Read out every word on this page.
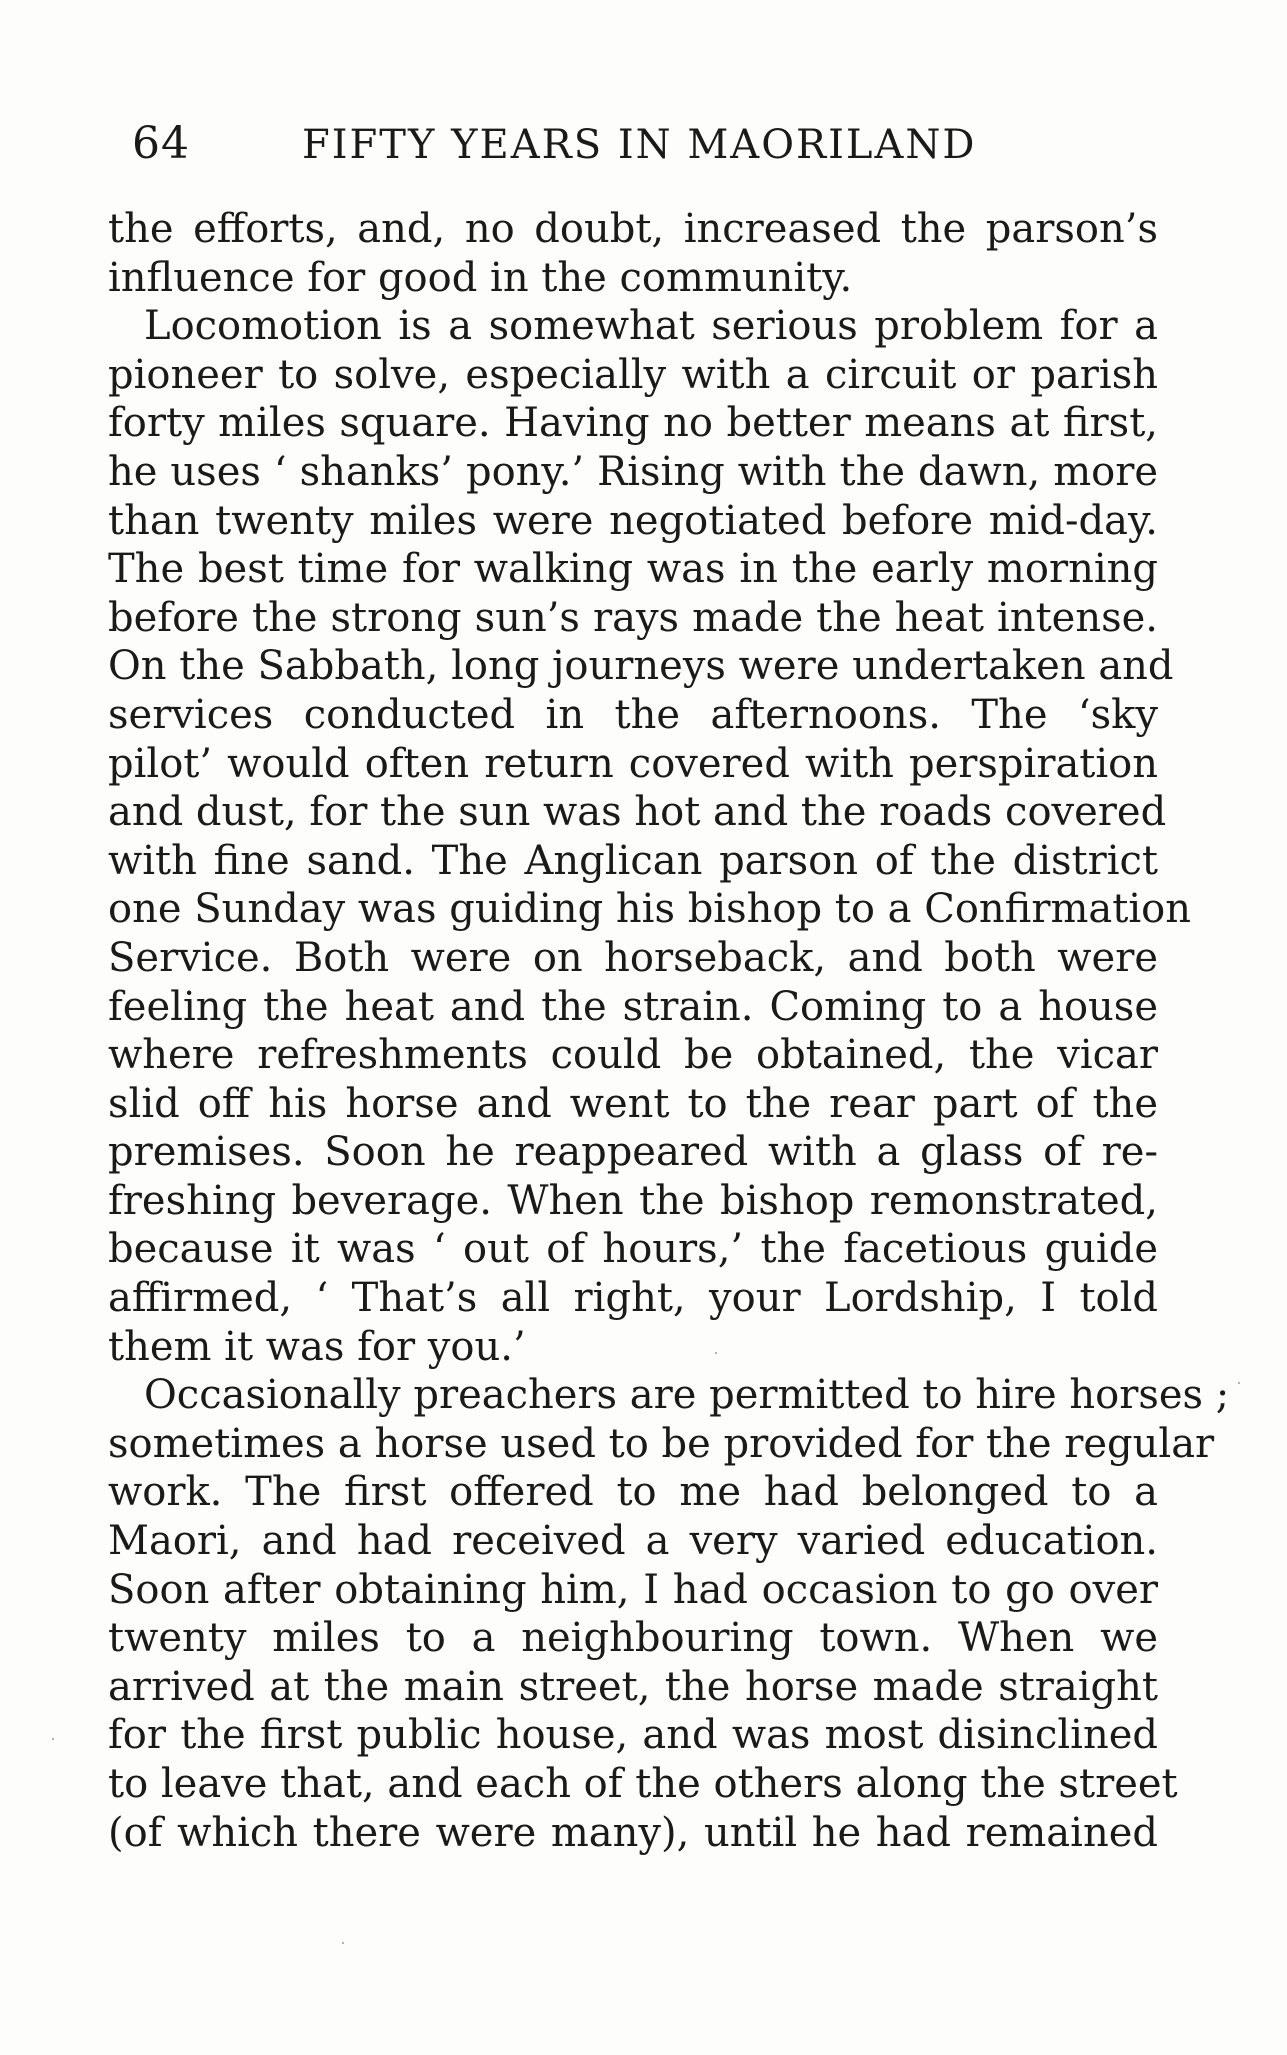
64	FIFTY YEARS IN MAORILAND
the efforts, and, no doubt, increased the parson’s
influence for good in the community.
Locomotion is a somewhat serious problem for a
pioneer to solve, especially with a circuit or parish
forty miles square. Having no better means at first,
he uses ‘ shanks’ pony.’ Rising with the dawn, more
than twenty miles were negotiated before mid-day.
The best time for walking was in the early morning
before the strong sun’s rays made the heat intense.
On the Sabbath, long journeys were undertaken and
services conducted in the afternoons. The ‘sky
pilot’ would often return covered with perspiration
and dust, for the sun was hot and the roads covered
with fine sand. The Anglican parson of the district
one Sunday was guiding his bishop to a Confirmation
Service. Both were on horseback, and both were
feeling the heat and the strain. Coming to a house
where refreshments could be obtained, the vicar
slid off his horse and went to the rear part of the
premises. Soon he reappeared with a glass of re-
freshing beverage. When the bishop remonstrated,
because it was ‘ out of hours,’ the facetious guide
affirmed, ‘ That’s all right, your Lordship, I told
them it was for you.’
Occasionally preachers are permitted to hire horses ;
sometimes a horse used to be provided for the regular
work. The first offered to me had belonged to a
Maori, and had received a very varied education.
Soon after obtaining him, I had occasion to go over
twenty miles to a neighbouring town. When we
arrived at the main street, the horse made straight
for the first public house, and was most disinclined
to leave that, and each of the others along the street
(of which there were many), until he had remained
